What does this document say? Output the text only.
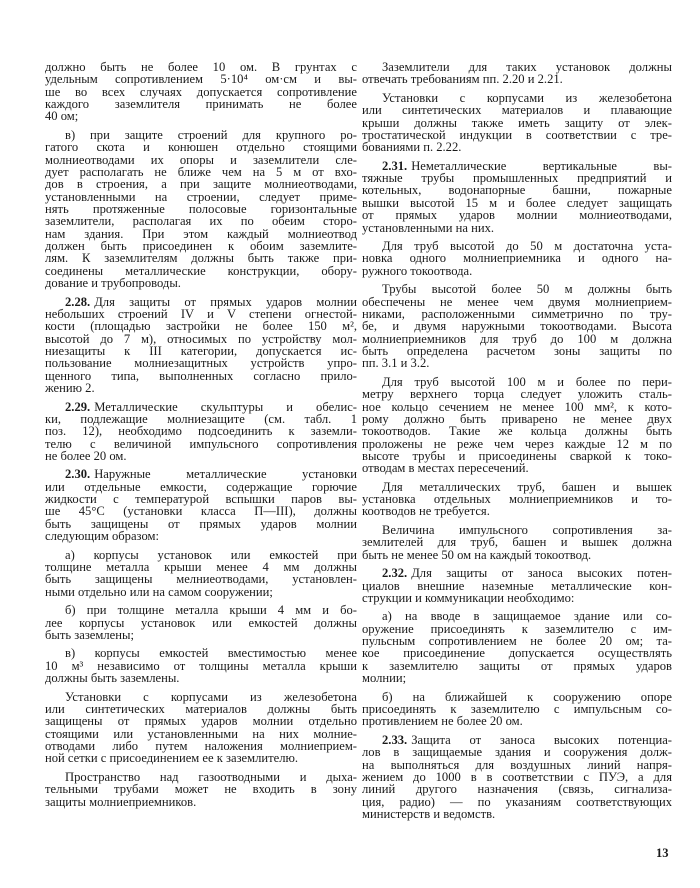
должно быть не более 10 ом. В грунтах с
удельным сопротивлением 5·10⁴ ом·см и вы-
ше во всех случаях допускается сопротивление
каждого заземлителя принимать не более
40 ом;
в) при защите строений для крупного ро-
гатого скота и конюшен отдельно стоящими
молниеотводами их опоры и заземлители сле-
дует располагать не ближе чем на 5 м от вхо-
дов в строения, а при защите молниеотводами,
установленными на строении, следует приме-
нять протяженные полосовые горизонтальные
заземлители, располагая их по обеим сторо-
нам здания. При этом каждый молниеотвод
должен быть присоединен к обоим заземлите-
лям. К заземлителям должны быть также при-
соединены металлические конструкции, обору-
дование и трубопроводы.
2.28. Для защиты от прямых ударов молнии
небольших строений IV и V степени огнестой-
кости (площадью застройки не более 150 м²,
высотой до 7 м), относимых по устройству мол-
ниезащиты к III категории, допускается ис-
пользование молниезащитных устройств упро-
щенного типа, выполненных согласно прило-
жению 2.
2.29. Металлические скульптуры и обелис-
ки, подлежащие молниезащите (см. табл. 1
поз. 12), необходимо подсоединить к заземли-
телю с величиной импульсного сопротивления
не более 20 ом.
2.30. Наружные металлические установки
или отдельные емкости, содержащие горючие
жидкости с температурой вспышки паров вы-
ше 45°С (установки класса П—III), должны
быть защищены от прямых ударов молнии
следующим образом:
а) корпусы установок или емкостей при
толщине металла крыши менее 4 мм должны
быть защищены мелниеотводами, установлен-
ными отдельно или на самом сооружении;
б) при толщине металла крыши 4 мм и бо-
лее корпусы установок или емкостей должны
быть заземлены;
в) корпусы емкостей вместимостью менее
10 м³ независимо от толщины металла крыши
должны быть заземлены.
Установки с корпусами из железобетона
или синтетических материалов должны быть
защищены от прямых ударов молнии отдельно
стоящими или установленными на них молние-
отводами либо путем наложения молниеприем-
ной сетки с присоединением ее к заземлителю.
Пространство над газоотводными и дыха-
тельными трубами может не входить в зону
защиты молниеприемников.
Заземлители для таких установок должны
отвечать требованиям пп. 2.20 и 2.21.
Установки с корпусами из железобетона
или синтетических материалов и плавающие
крыши должны также иметь защиту от элек-
тростатической индукции в соответствии с тре-
бованиями п. 2.22.
2.31. Неметаллические вертикальные вы-
тяжные трубы промышленных предприятий и
котельных, водонапорные башни, пожарные
вышки высотой 15 м и более следует защищать
от прямых ударов молнии молниеотводами,
установленными на них.
Для труб высотой до 50 м достаточна уста-
новка одного молниеприемника и одного на-
ружного токоотвода.
Трубы высотой более 50 м должны быть
обеспечены не менее чем двумя молниеприем-
никами, расположенными симметрично по тру-
бе, и двумя наружными токоотводами. Высота
молниеприемников для труб до 100 м должна
быть определена расчетом зоны защиты по
пп. 3.1 и 3.2.
Для труб высотой 100 м и более по пери-
метру верхнего торца следует уложить сталь-
ное кольцо сечением не менее 100 мм², к кото-
рому должно быть приварено не менее двух
токоотводов. Такие же кольца должны быть
проложены не реже чем через каждые 12 м по
высоте трубы и присоединены сваркой к токо-
отводам в местах пересечений.
Для металлических труб, башен и вышек
установка отдельных молниеприемников и то-
коотводов не требуется.
Величина импульсного сопротивления за-
землителей для труб, башен и вышек должна
быть не менее 50 ом на каждый токоотвод.
2.32. Для защиты от заноса высоких потен-
циалов внешние наземные металлические кон-
струкции и коммуникации необходимо:
а) на вводе в защищаемое здание или со-
оружение присоединять к заземлителю с им-
пульсным сопротивлением не более 20 ом; та-
кое присоединение допускается осуществлять
к заземлителю защиты от прямых ударов
молнии;
б) на ближайшей к сооружению опоре
присоединять к заземлителю с импульсным со-
противлением не более 20 ом.
2.33. Защита от заноса высоких потенциа-
лов в защищаемые здания и сооружения долж-
на выполняться для воздушных линий напря-
жением до 1000 в в соответствии с ПУЭ, а для
линий другого назначения (связь, сигнализа-
ция, радио) — по указаниям соответствующих
министерств и ведомств.
13
